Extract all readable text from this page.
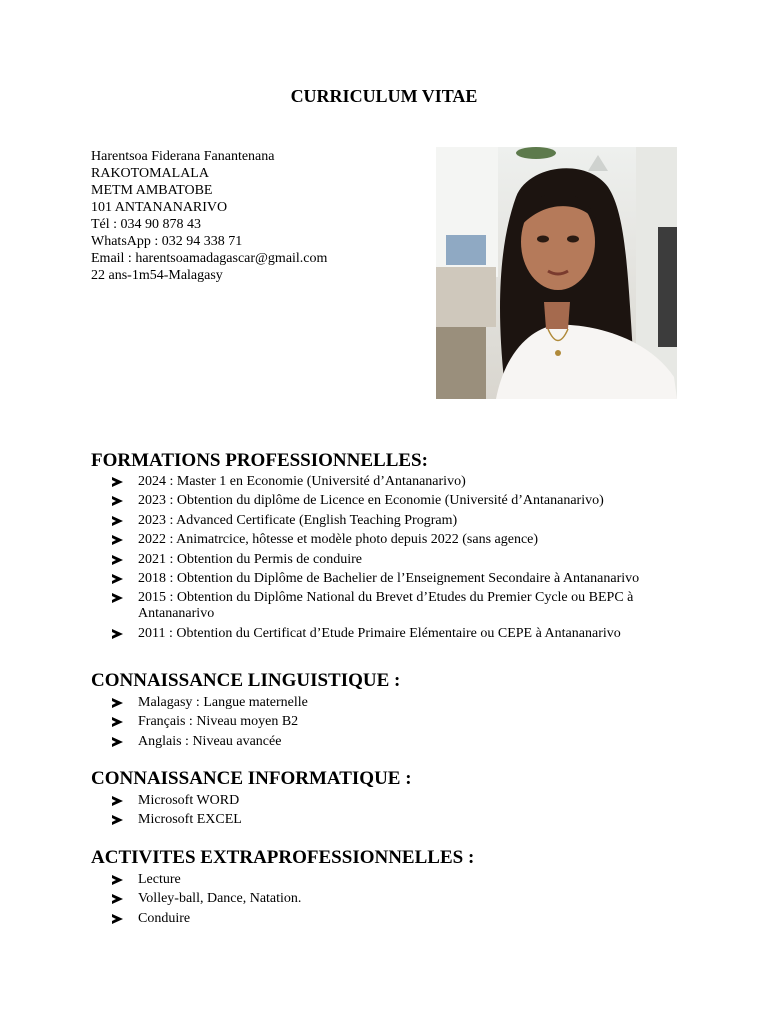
CURRICULUM VITAE
Harentsoa Fiderana Fanantenana
RAKOTOMALALA
METM AMBATOBE
101 ANTANANARIVO
Tél : 034 90 878 43
WhatsApp : 032 94 338 71
Email : harentsoamadagascar@gmail.com
22 ans-1m54-Malagasy
FORMATIONS PROFESSIONNELLES:
2024 : Master 1 en Economie (Université d’Antananarivo)
2023 : Obtention du diplôme de Licence en Economie (Université d’Antananarivo)
2023 : Advanced Certificate (English Teaching Program)
2022 : Animatrcice, hôtesse et modèle photo depuis 2022 (sans agence)
2021 : Obtention du Permis de conduire
2018 : Obtention du Diplôme de Bachelier de l’Enseignement Secondaire à Antananarivo
2015 : Obtention du Diplôme National du Brevet d’Etudes du Premier Cycle ou BEPC à Antananarivo
2011 : Obtention du Certificat d’Etude Primaire Elémentaire ou CEPE à Antananarivo
CONNAISSANCE LINGUISTIQUE :
Malagasy : Langue maternelle
Français : Niveau moyen B2
Anglais : Niveau avancée
CONNAISSANCE INFORMATIQUE :
Microsoft WORD
Microsoft EXCEL
ACTIVITES EXTRAPROFESSIONNELLES :
Lecture
Volley-ball, Dance, Natation.
Conduire
